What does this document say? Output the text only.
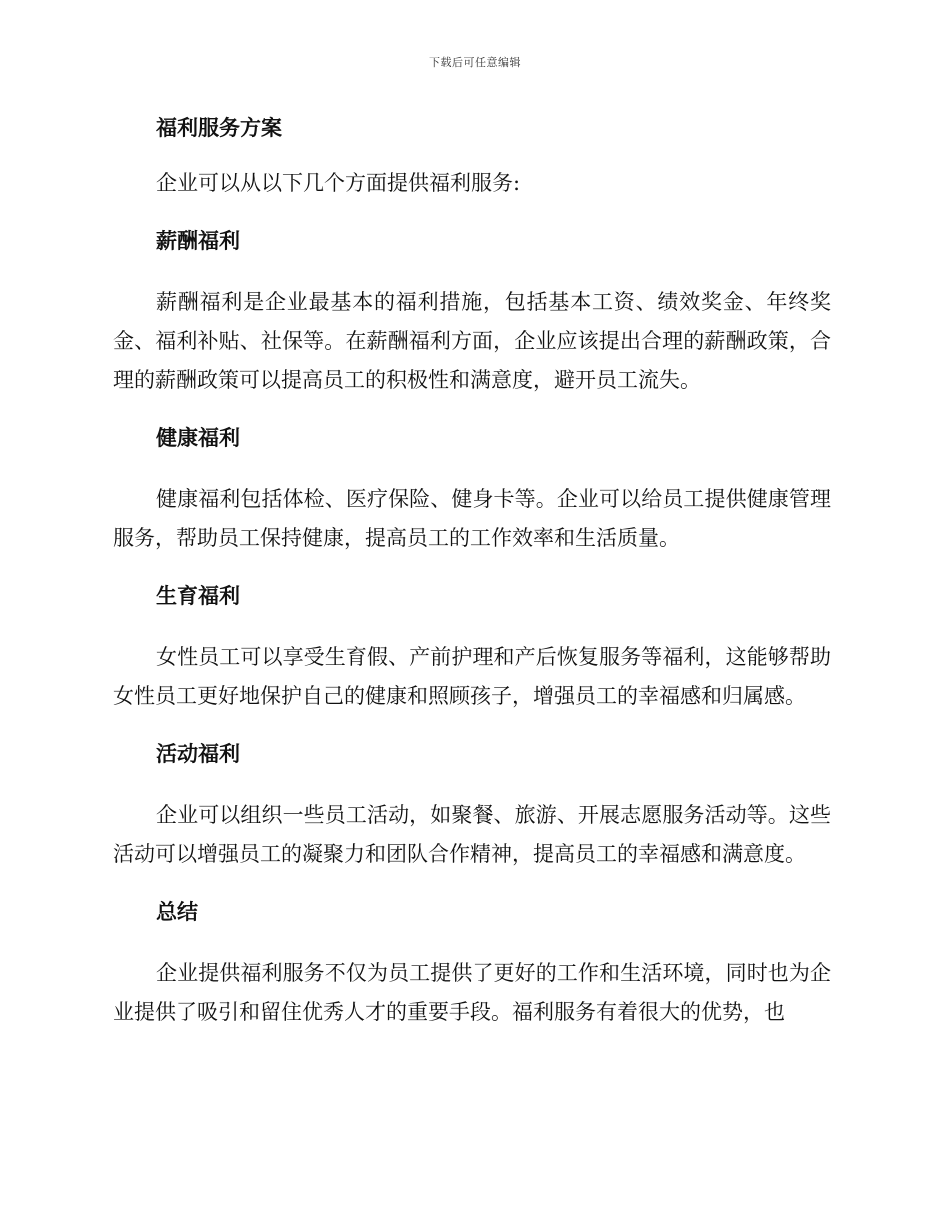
下载后可任意编辑
福利服务方案

企业可以从以下几个方面提供福利服务:

薪酬福利

薪酬福利是企业最基本的福利措施，包括基本工资、绩效奖金、年终奖金、福利补贴、社保等。在薪酬福利方面，企业应该提出合理的薪酬政策，合理的薪酬政策可以提高员工的积极性和满意度，避开员工流失。

健康福利

健康福利包括体检、医疗保险、健身卡等。企业可以给员工提供健康管理服务，帮助员工保持健康，提高员工的工作效率和生活质量。

生育福利

女性员工可以享受生育假、产前护理和产后恢复服务等福利，这能够帮助女性员工更好地保护自己的健康和照顾孩子，增强员工的幸福感和归属感。

活动福利

企业可以组织一些员工活动，如聚餐、旅游、开展志愿服务活动等。这些活动可以增强员工的凝聚力和团队合作精神，提高员工的幸福感和满意度。

总结

企业提供福利服务不仅为员工提供了更好的工作和生活环境，同时也为企业提供了吸引和留住优秀人才的重要手段。福利服务有着很大的优势，也
